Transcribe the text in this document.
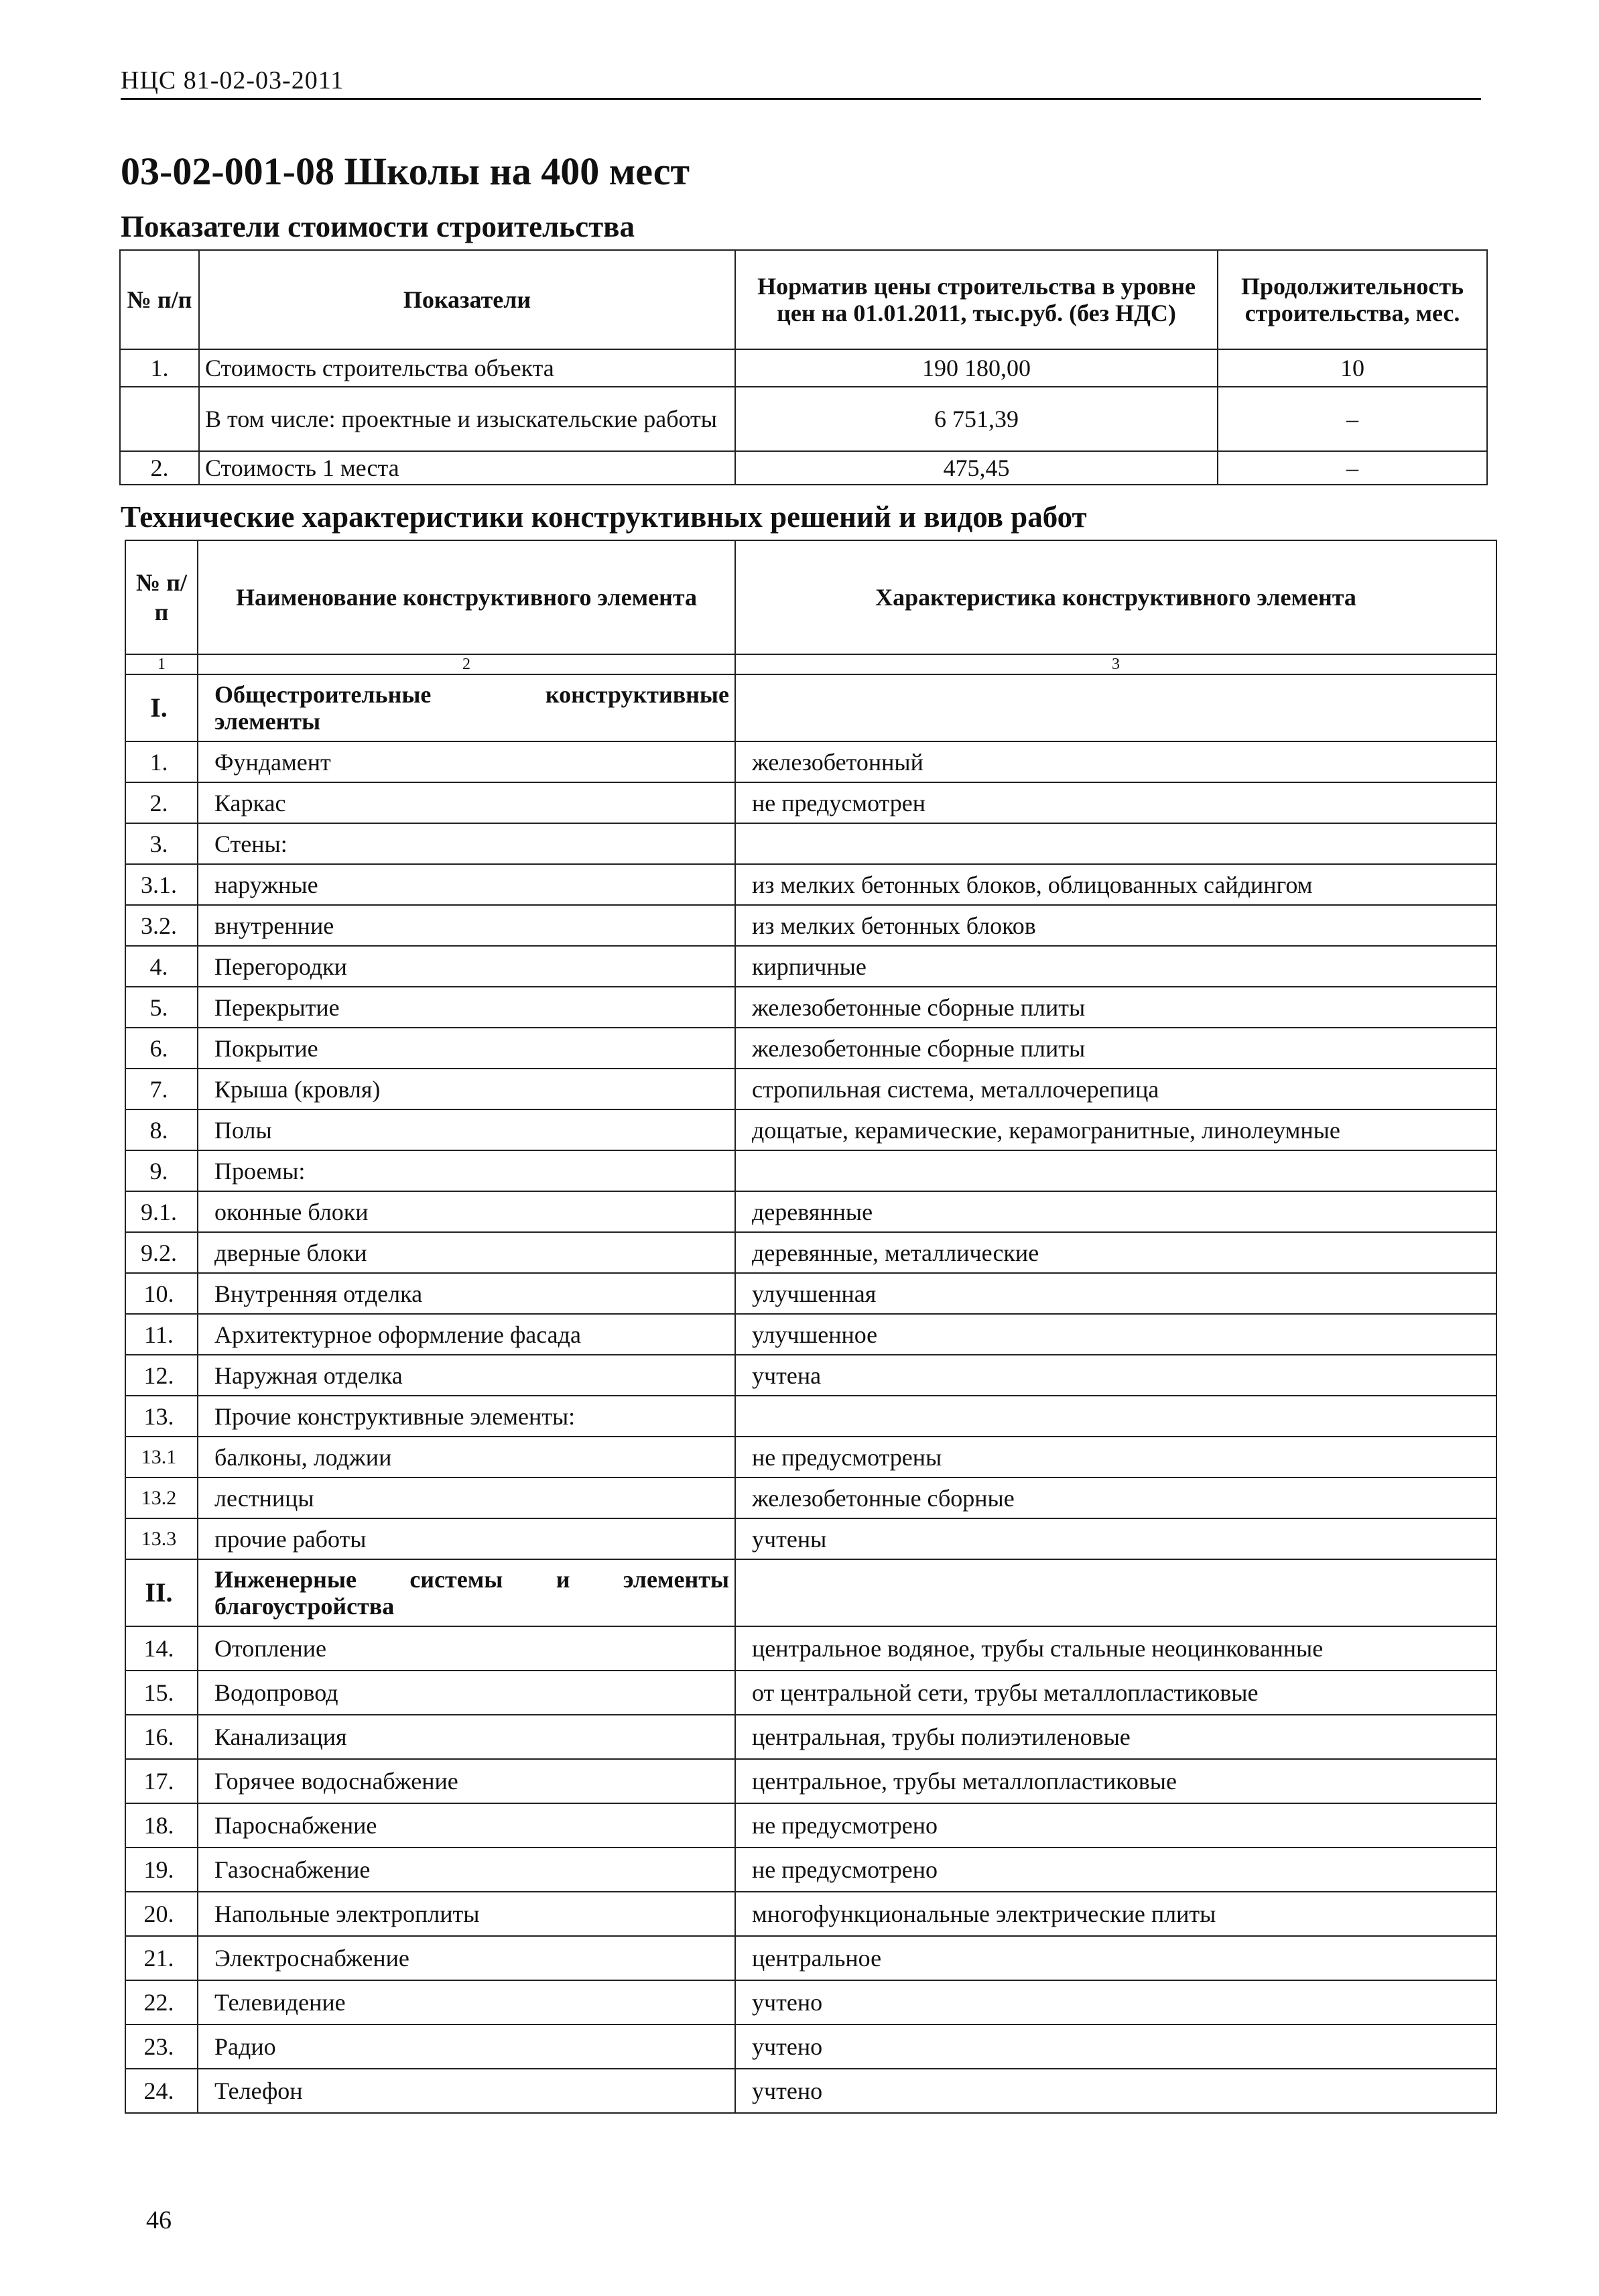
НЦС 81-02-03-2011
03-02-001-08 Школы на 400 мест
Показатели стоимости строительства
№ п/п	Показатели	Норматив цены строительства в уровне цен на 01.01.2011, тыс.руб. (без НДС)	Продолжительность строительства, мес.
1.	Стоимость строительства объекта	190 180,00	10
	В том числе: проектные и изыскательские работы	6 751,39	–
2.	Стоимость 1 места	475,45	–
Технические характеристики конструктивных решений и видов работ
№ п/п	Наименование конструктивного элемента	Характеристика конструктивного элемента
1	2	3
I.	Общестроительные конструктивные элементы	
1.	Фундамент	железобетонный
2.	Каркас	не предусмотрен
3.	Стены:	
3.1.	наружные	из мелких бетонных блоков, облицованных сайдингом
3.2.	внутренние	из мелких бетонных блоков
4.	Перегородки	кирпичные
5.	Перекрытие	железобетонные сборные плиты
6.	Покрытие	железобетонные сборные плиты
7.	Крыша (кровля)	стропильная система, металлочерепица
8.	Полы	дощатые, керамические, керамогранитные, линолеумные
9.	Проемы:	
9.1.	оконные блоки	деревянные
9.2.	дверные блоки	деревянные, металлические
10.	Внутренняя отделка	улучшенная
11.	Архитектурное оформление фасада	улучшенное
12.	Наружная отделка	учтена
13.	Прочие конструктивные элементы:	
13.1	балконы, лоджии	не предусмотрены
13.2	лестницы	железобетонные сборные
13.3	прочие работы	учтены
II.	Инженерные системы и элементы благоустройства	
14.	Отопление	центральное водяное, трубы стальные неоцинкованные
15.	Водопровод	от центральной сети, трубы металлопластиковые
16.	Канализация	центральная, трубы полиэтиленовые
17.	Горячее водоснабжение	центральное, трубы металлопластиковые
18.	Пароснабжение	не предусмотрено
19.	Газоснабжение	не предусмотрено
20.	Напольные электроплиты	многофункциональные электрические плиты
21.	Электроснабжение	центральное
22.	Телевидение	учтено
23.	Радио	учтено
24.	Телефон	учтено
46
